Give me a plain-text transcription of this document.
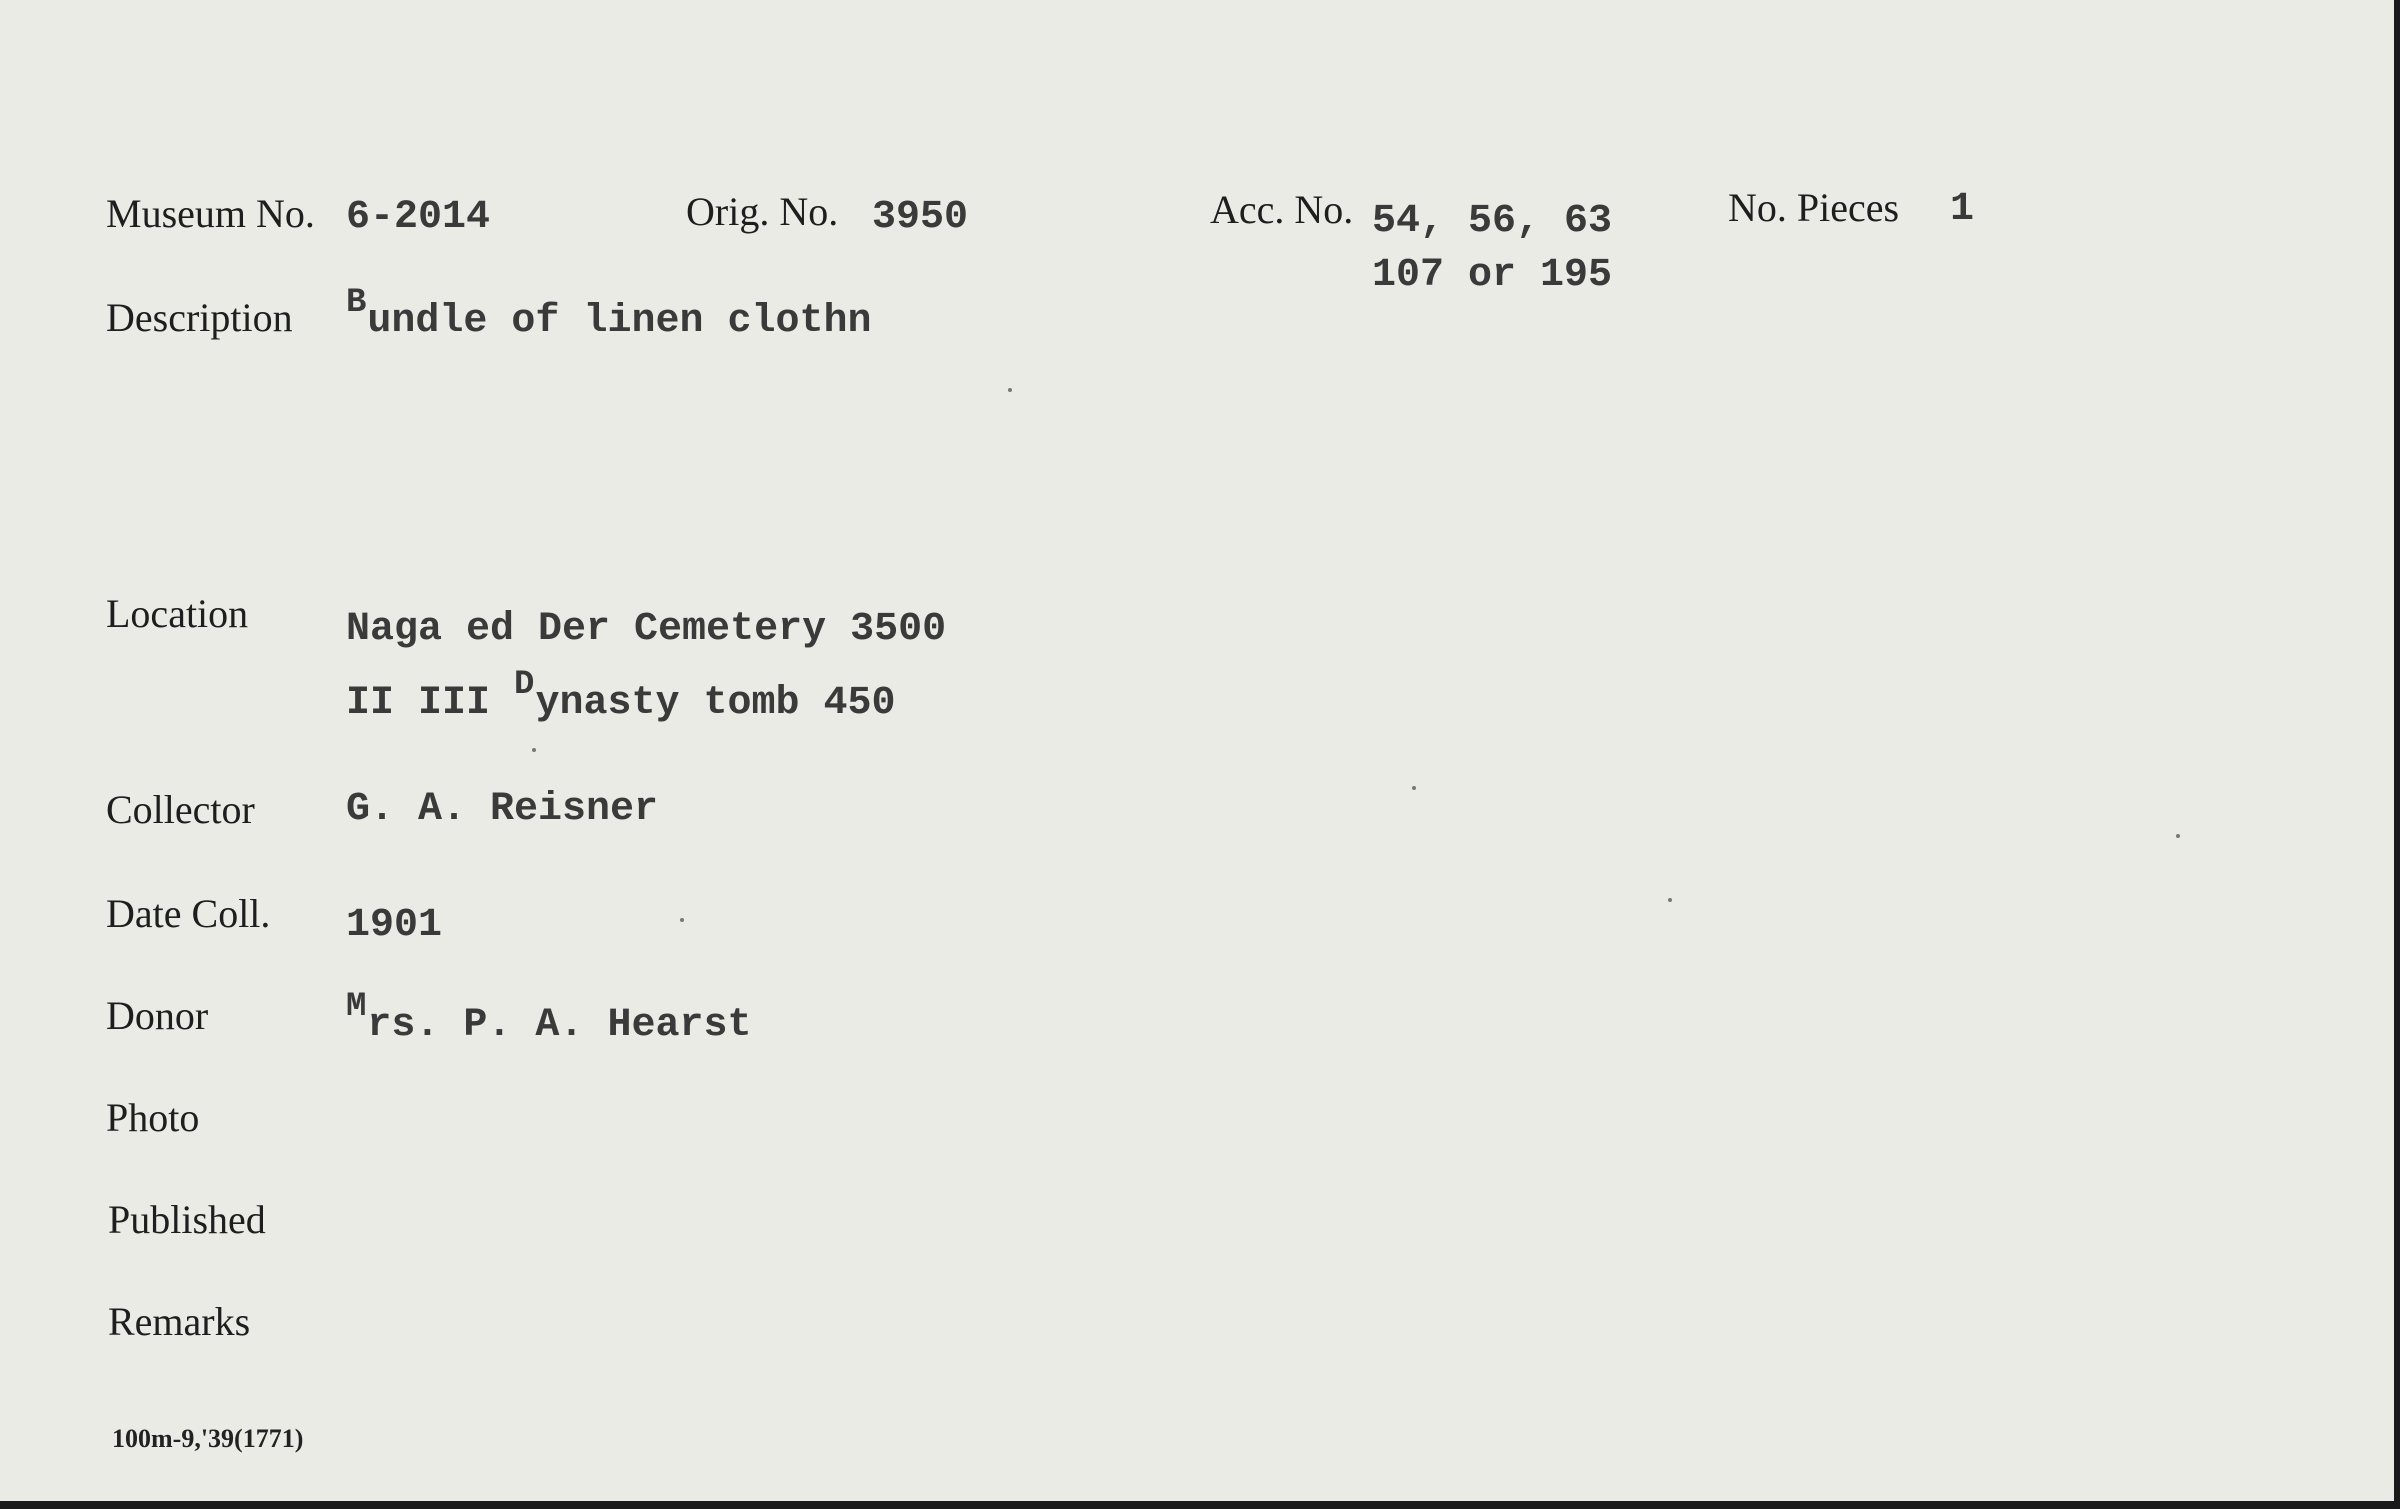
Museum No. 6-2014	Orig. No. 3950	Acc. No. 54, 56, 63
107 or 195
No. Pieces 1
Description $^B$undle of linen clothn
Location Naga ed Der Cemetery 3500
II III $^D$ynasty tomb 450
Collector G. A. Reisner
Date Coll. 1901
Donor	$^M$rs. P. A. Hearst
Photo
Published
Remarks
100m-9,'39(1771)
